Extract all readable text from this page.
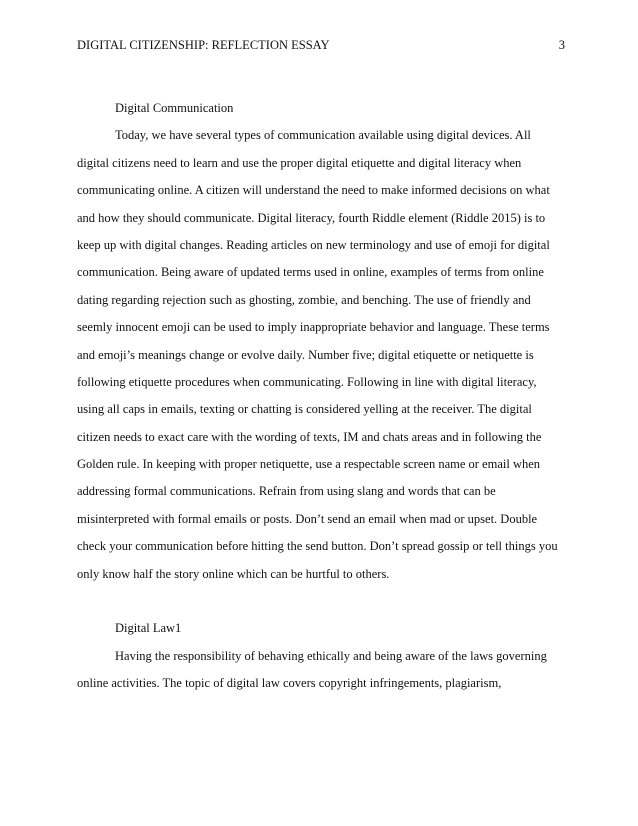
DIGITAL CITIZENSHIP: REFLECTION ESSAY	3
Digital Communication
Today, we have several types of communication available using digital devices. All
digital citizens need to learn and use the proper digital etiquette and digital literacy when
communicating online. A citizen will understand the need to make informed decisions on what
and how they should communicate. Digital literacy, fourth Riddle element (Riddle 2015) is to
keep up with digital changes. Reading articles on new terminology and use of emoji for digital
communication. Being aware of updated terms used in online, examples of terms from online
dating regarding rejection such as ghosting, zombie, and benching. The use of friendly and
seemly innocent emoji can be used to imply inappropriate behavior and language. These terms
and emoji’s meanings change or evolve daily. Number five; digital etiquette or netiquette is
following etiquette procedures when communicating. Following in line with digital literacy,
using all caps in emails, texting or chatting is considered yelling at the receiver. The digital
citizen needs to exact care with the wording of texts, IM and chats areas and in following the
Golden rule. In keeping with proper netiquette, use a respectable screen name or email when
addressing formal communications. Refrain from using slang and words that can be
misinterpreted with formal emails or posts. Don’t send an email when mad or upset. Double
check your communication before hitting the send button. Don’t spread gossip or tell things you
only know half the story online which can be hurtful to others.
Digital Law1
Having the responsibility of behaving ethically and being aware of the laws governing
online activities. The topic of digital law covers copyright infringements, plagiarism,
